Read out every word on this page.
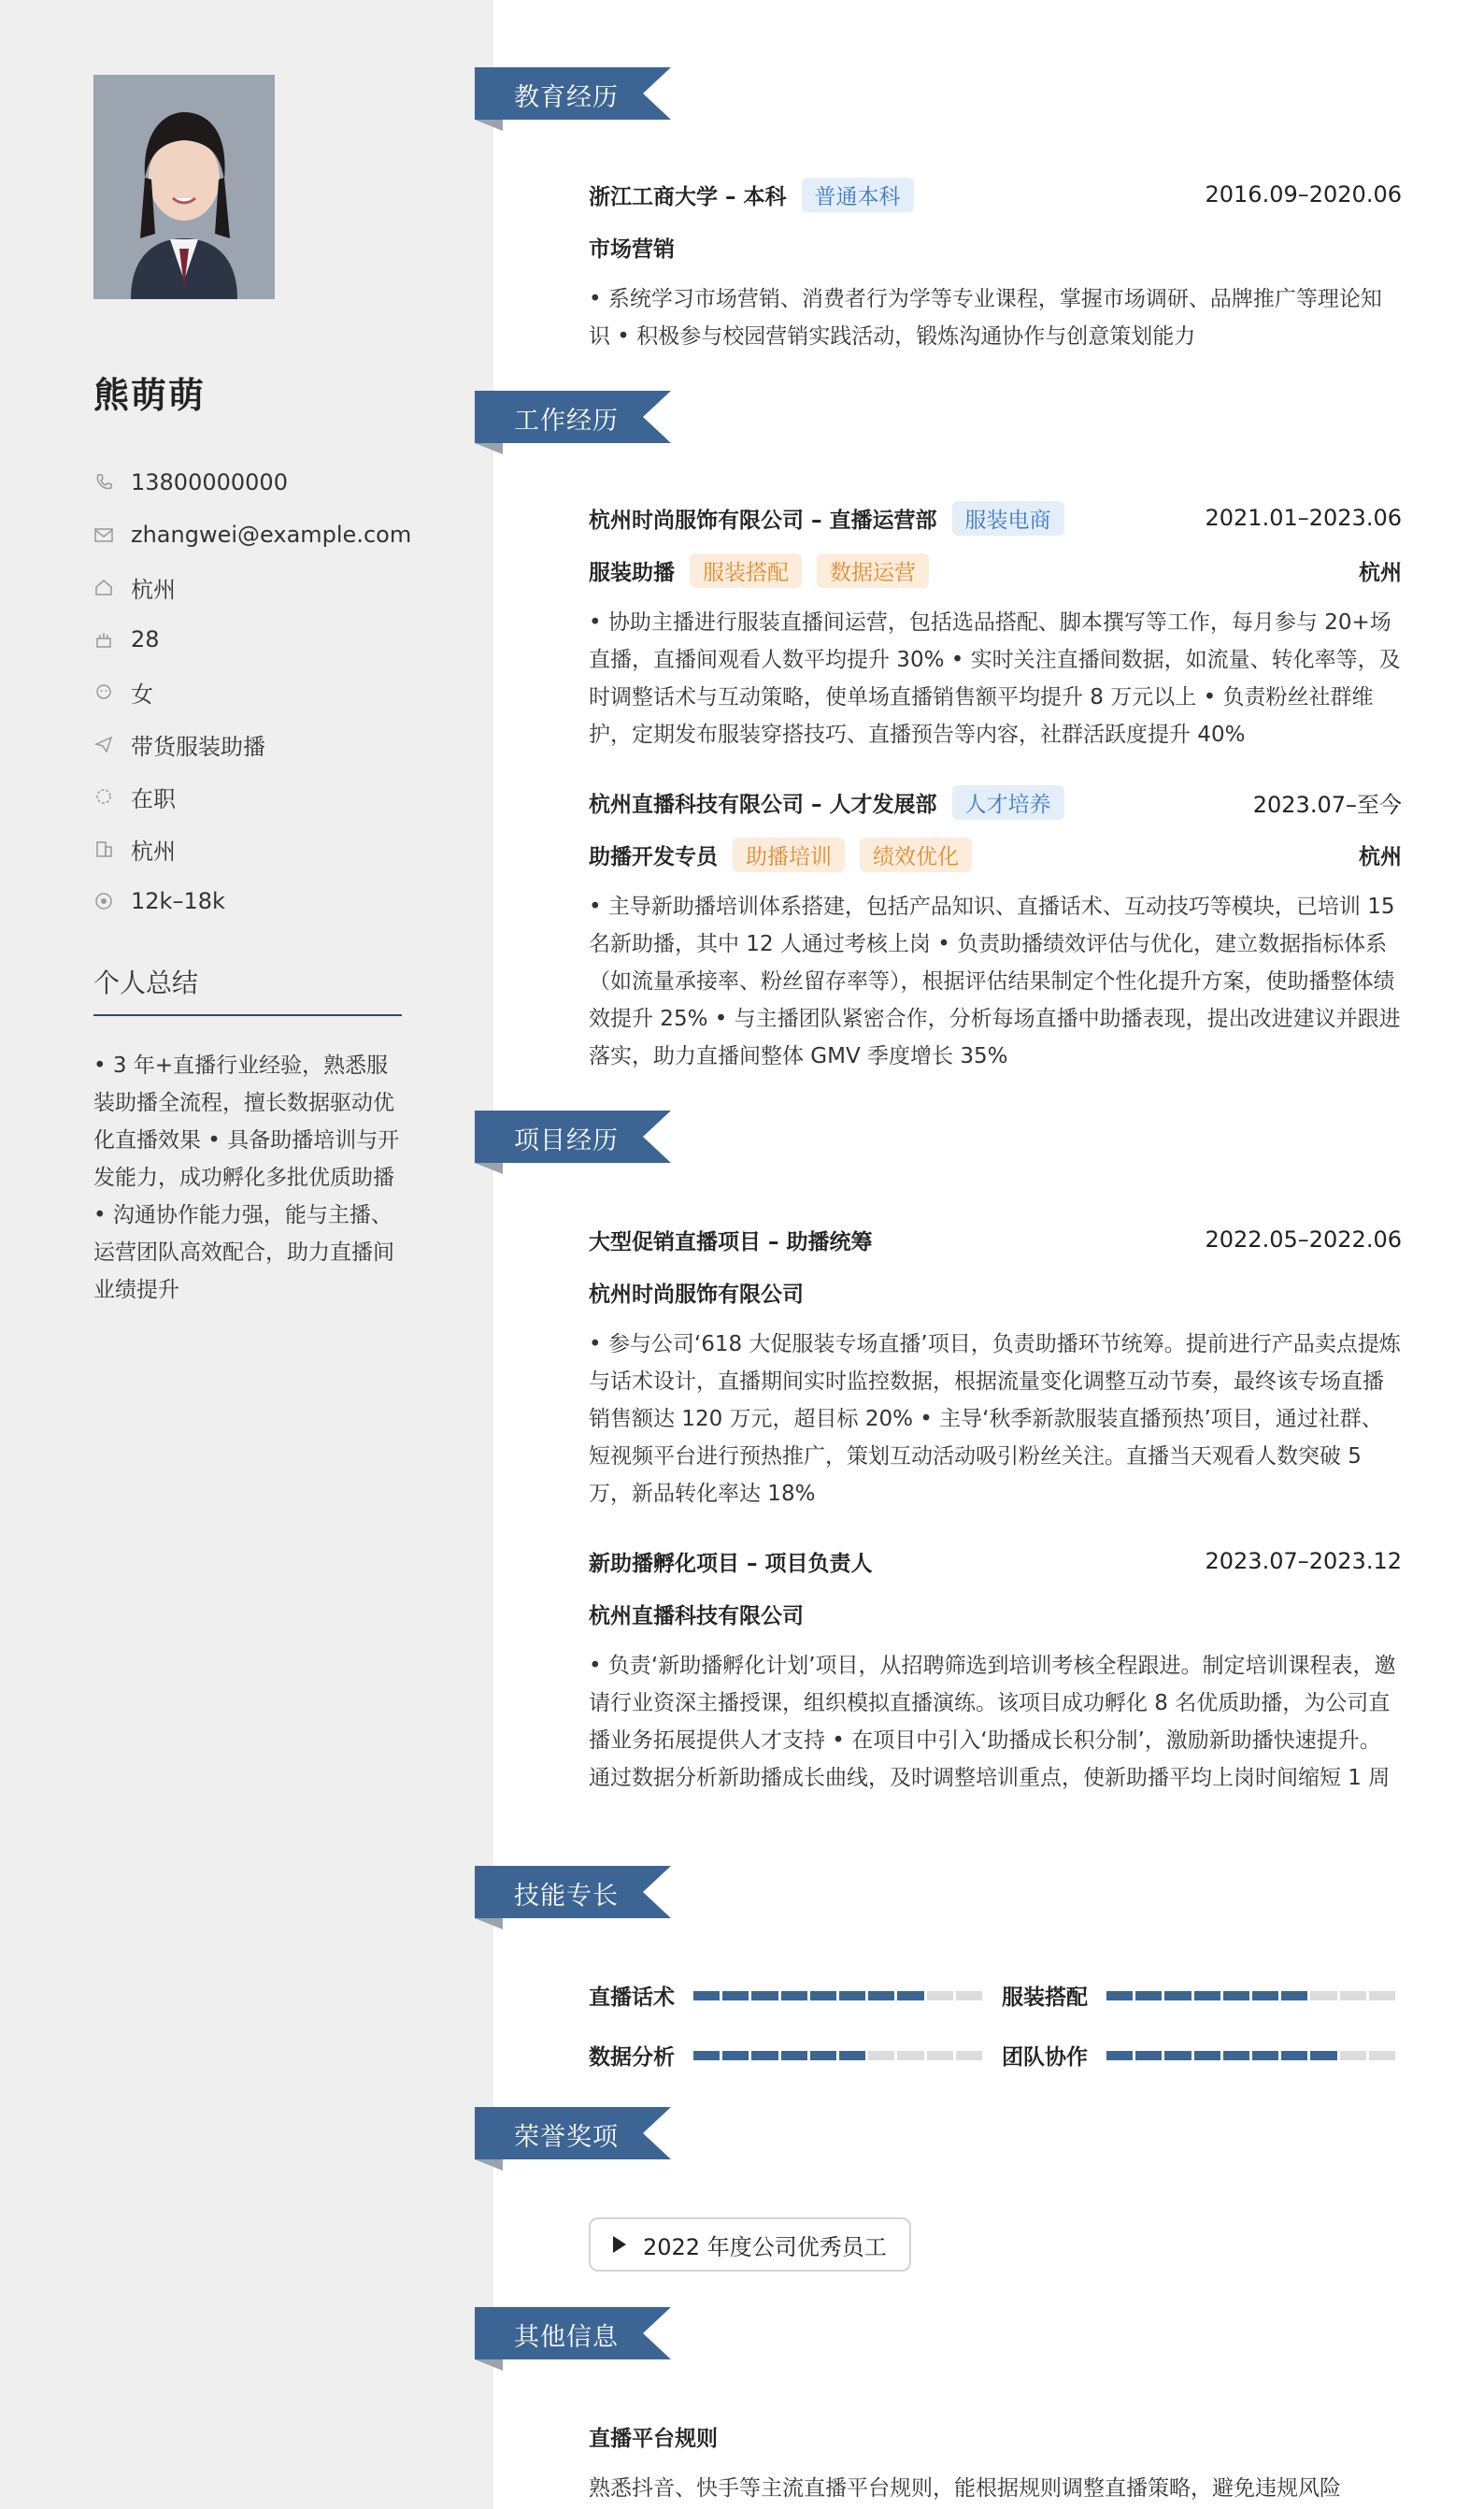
熊萌萌
13800000000
zhangwei@example.com
杭州
28
女
带货服装助播
在职
杭州
12k–18k
个人总结
• 3 年+直播行业经验，熟悉服装助播全流程，擅长数据驱动优化直播效果 • 具备助播培训与开发能力，成功孵化多批优质助播 • 沟通协作能力强，能与主播、运营团队高效配合，助力直播间业绩提升
教育经历
浙江工商大学 – 本科	普通本科	2016.09–2020.06
市场营销
• 系统学习市场营销、消费者行为学等专业课程，掌握市场调研、品牌推广等理论知识 • 积极参与校园营销实践活动，锻炼沟通协作与创意策划能力
工作经历
杭州时尚服饰有限公司 – 直播运营部	服装电商	2021.01–2023.06
服装助播	服装搭配	数据运营	杭州
• 协助主播进行服装直播间运营，包括选品搭配、脚本撰写等工作，每月参与 20+场直播，直播间观看人数平均提升 30% • 实时关注直播间数据，如流量、转化率等，及时调整话术与互动策略，使单场直播销售额平均提升 8 万元以上 • 负责粉丝社群维护，定期发布服装穿搭技巧、直播预告等内容，社群活跃度提升 40%
杭州直播科技有限公司 – 人才发展部	人才培养	2023.07–至今
助播开发专员	助播培训	绩效优化	杭州
• 主导新助播培训体系搭建，包括产品知识、直播话术、互动技巧等模块，已培训 15 名新助播，其中 12 人通过考核上岗 • 负责助播绩效评估与优化，建立数据指标体系（如流量承接率、粉丝留存率等），根据评估结果制定个性化提升方案，使助播整体绩效提升 25% • 与主播团队紧密合作，分析每场直播中助播表现，提出改进建议并跟进落实，助力直播间整体 GMV 季度增长 35%
项目经历
大型促销直播项目 – 助播统筹	2022.05–2022.06
杭州时尚服饰有限公司
• 参与公司‘618 大促服装专场直播’项目，负责助播环节统筹。提前进行产品卖点提炼与话术设计，直播期间实时监控数据，根据流量变化调整互动节奏，最终该专场直播销售额达 120 万元，超目标 20% • 主导‘秋季新款服装直播预热’项目，通过社群、短视频平台进行预热推广，策划互动活动吸引粉丝关注。直播当天观看人数突破 5 万，新品转化率达 18%
新助播孵化项目 – 项目负责人	2023.07–2023.12
杭州直播科技有限公司
• 负责‘新助播孵化计划’项目，从招聘筛选到培训考核全程跟进。制定培训课程表，邀请行业资深主播授课，组织模拟直播演练。该项目成功孵化 8 名优质助播，为公司直播业务拓展提供人才支持 • 在项目中引入‘助播成长积分制’，激励新助播快速提升。通过数据分析新助播成长曲线，及时调整培训重点，使新助播平均上岗时间缩短 1 周
技能专长
直播话术	服装搭配
数据分析	团队协作
荣誉奖项
2022 年度公司优秀员工
其他信息
直播平台规则
熟悉抖音、快手等主流直播平台规则，能根据规则调整直播策略，避免违规风险
